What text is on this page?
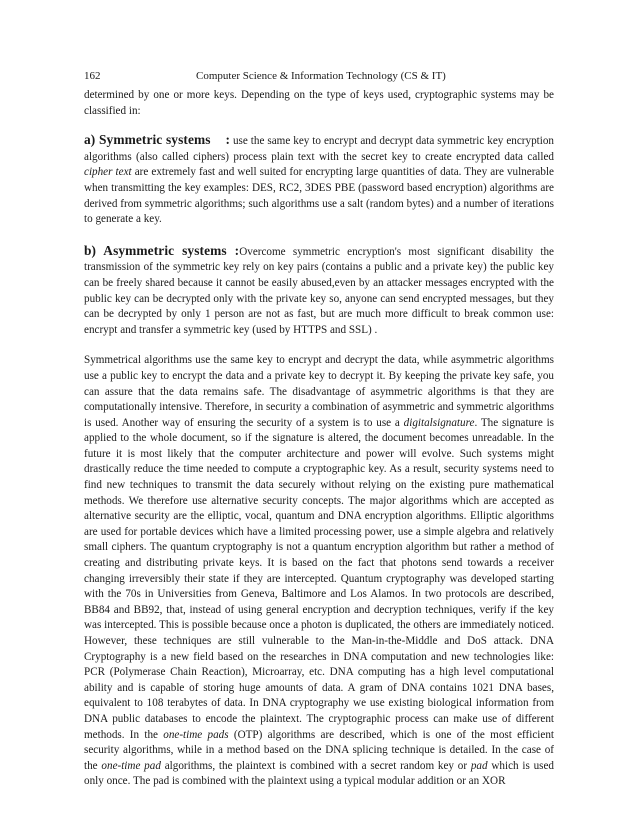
162	Computer Science & Information Technology (CS & IT)

determined by one or more keys. Depending on the type of keys used, cryptographic systems may be classified in:

a) Symmetric systems : use the same key to encrypt and decrypt data symmetric key encryption algorithms (also called ciphers) process plain text with the secret key to create encrypted data called cipher text are extremely fast and well suited for encrypting large quantities of data. They are vulnerable when transmitting the key examples: DES, RC2, 3DES PBE (password based encryption) algorithms are derived from symmetric algorithms; such algorithms use a salt (random bytes) and a number of iterations to generate a key.

b) Asymmetric systems :Overcome symmetric encryption's most significant disability the transmission of the symmetric key rely on key pairs (contains a public and a private key) the public key can be freely shared because it cannot be easily abused,even by an attacker messages encrypted with the public key can be decrypted only with the private key so, anyone can send encrypted messages, but they can be decrypted by only 1 person are not as fast, but are much more difficult to break common use: encrypt and transfer a symmetric key (used by HTTPS and SSL) .

Symmetrical algorithms use the same key to encrypt and decrypt the data, while asymmetric algorithms use a public key to encrypt the data and a private key to decrypt it. By keeping the private key safe, you can assure that the data remains safe. The disadvantage of asymmetric algorithms is that they are computationally intensive. Therefore, in security a combination of asymmetric and symmetric algorithms is used. Another way of ensuring the security of a system is to use a digitalsignature. The signature is applied to the whole document, so if the signature is altered, the document becomes unreadable. In the future it is most likely that the computer architecture and power will evolve. Such systems might drastically reduce the time needed to compute a cryptographic key. As a result, security systems need to find new techniques to transmit the data securely without relying on the existing pure mathematical methods. We therefore use alternative security concepts. The major algorithms which are accepted as alternative security are the elliptic, vocal, quantum and DNA encryption algorithms. Elliptic algorithms are used for portable devices which have a limited processing power, use a simple algebra and relatively small ciphers. The quantum cryptography is not a quantum encryption algorithm but rather a method of creating and distributing private keys. It is based on the fact that photons send towards a receiver changing irreversibly their state if they are intercepted. Quantum cryptography was developed starting with the 70s in Universities from Geneva, Baltimore and Los Alamos. In two protocols are described, BB84 and BB92, that, instead of using general encryption and decryption techniques, verify if the key was intercepted. This is possible because once a photon is duplicated, the others are immediately noticed. However, these techniques are still vulnerable to the Man-in-the-Middle and DoS attack. DNA Cryptography is a new field based on the researches in DNA computation and new technologies like: PCR (Polymerase Chain Reaction), Microarray, etc. DNA computing has a high level computational ability and is capable of storing huge amounts of data. A gram of DNA contains 1021 DNA bases, equivalent to 108 terabytes of data. In DNA cryptography we use existing biological information from DNA public databases to encode the plaintext. The cryptographic process can make use of different methods. In the one-time pads (OTP) algorithms are described, which is one of the most efficient security algorithms, while in a method based on the DNA splicing technique is detailed. In the case of the one-time pad algorithms, the plaintext is combined with a secret random key or pad which is used only once. The pad is combined with the plaintext using a typical modular addition or an XOR
